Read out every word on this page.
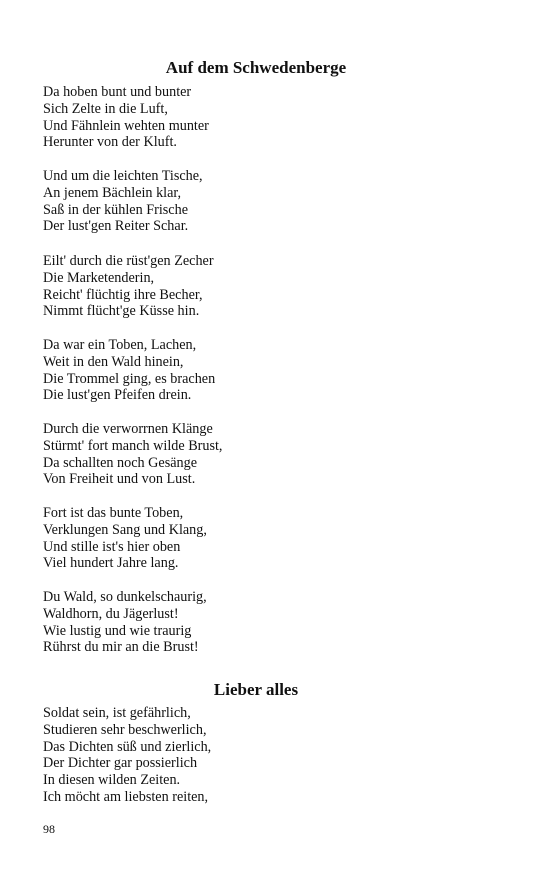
Auf dem Schwedenberge

Da hoben bunt und bunter
Sich Zelte in die Luft,
Und Fähnlein wehten munter
Herunter von der Kluft.

Und um die leichten Tische,
An jenem Bächlein klar,
Saß in der kühlen Frische
Der lust'gen Reiter Schar.

Eilt' durch die rüst'gen Zecher
Die Marketenderin,
Reicht' flüchtig ihre Becher,
Nimmt flücht'ge Küsse hin.

Da war ein Toben, Lachen,
Weit in den Wald hinein,
Die Trommel ging, es brachen
Die lust'gen Pfeifen drein.

Durch die verworrnen Klänge
Stürmt' fort manch wilde Brust,
Da schallten noch Gesänge
Von Freiheit und von Lust.

Fort ist das bunte Toben,
Verklungen Sang und Klang,
Und stille ist's hier oben
Viel hundert Jahre lang.

Du Wald, so dunkelschaurig,
Waldhorn, du Jägerlust!
Wie lustig und wie traurig
Rührst du mir an die Brust!

Lieber alles

Soldat sein, ist gefährlich,
Studieren sehr beschwerlich,
Das Dichten süß und zierlich,
Der Dichter gar possierlich
In diesen wilden Zeiten.
Ich möcht am liebsten reiten,

98
